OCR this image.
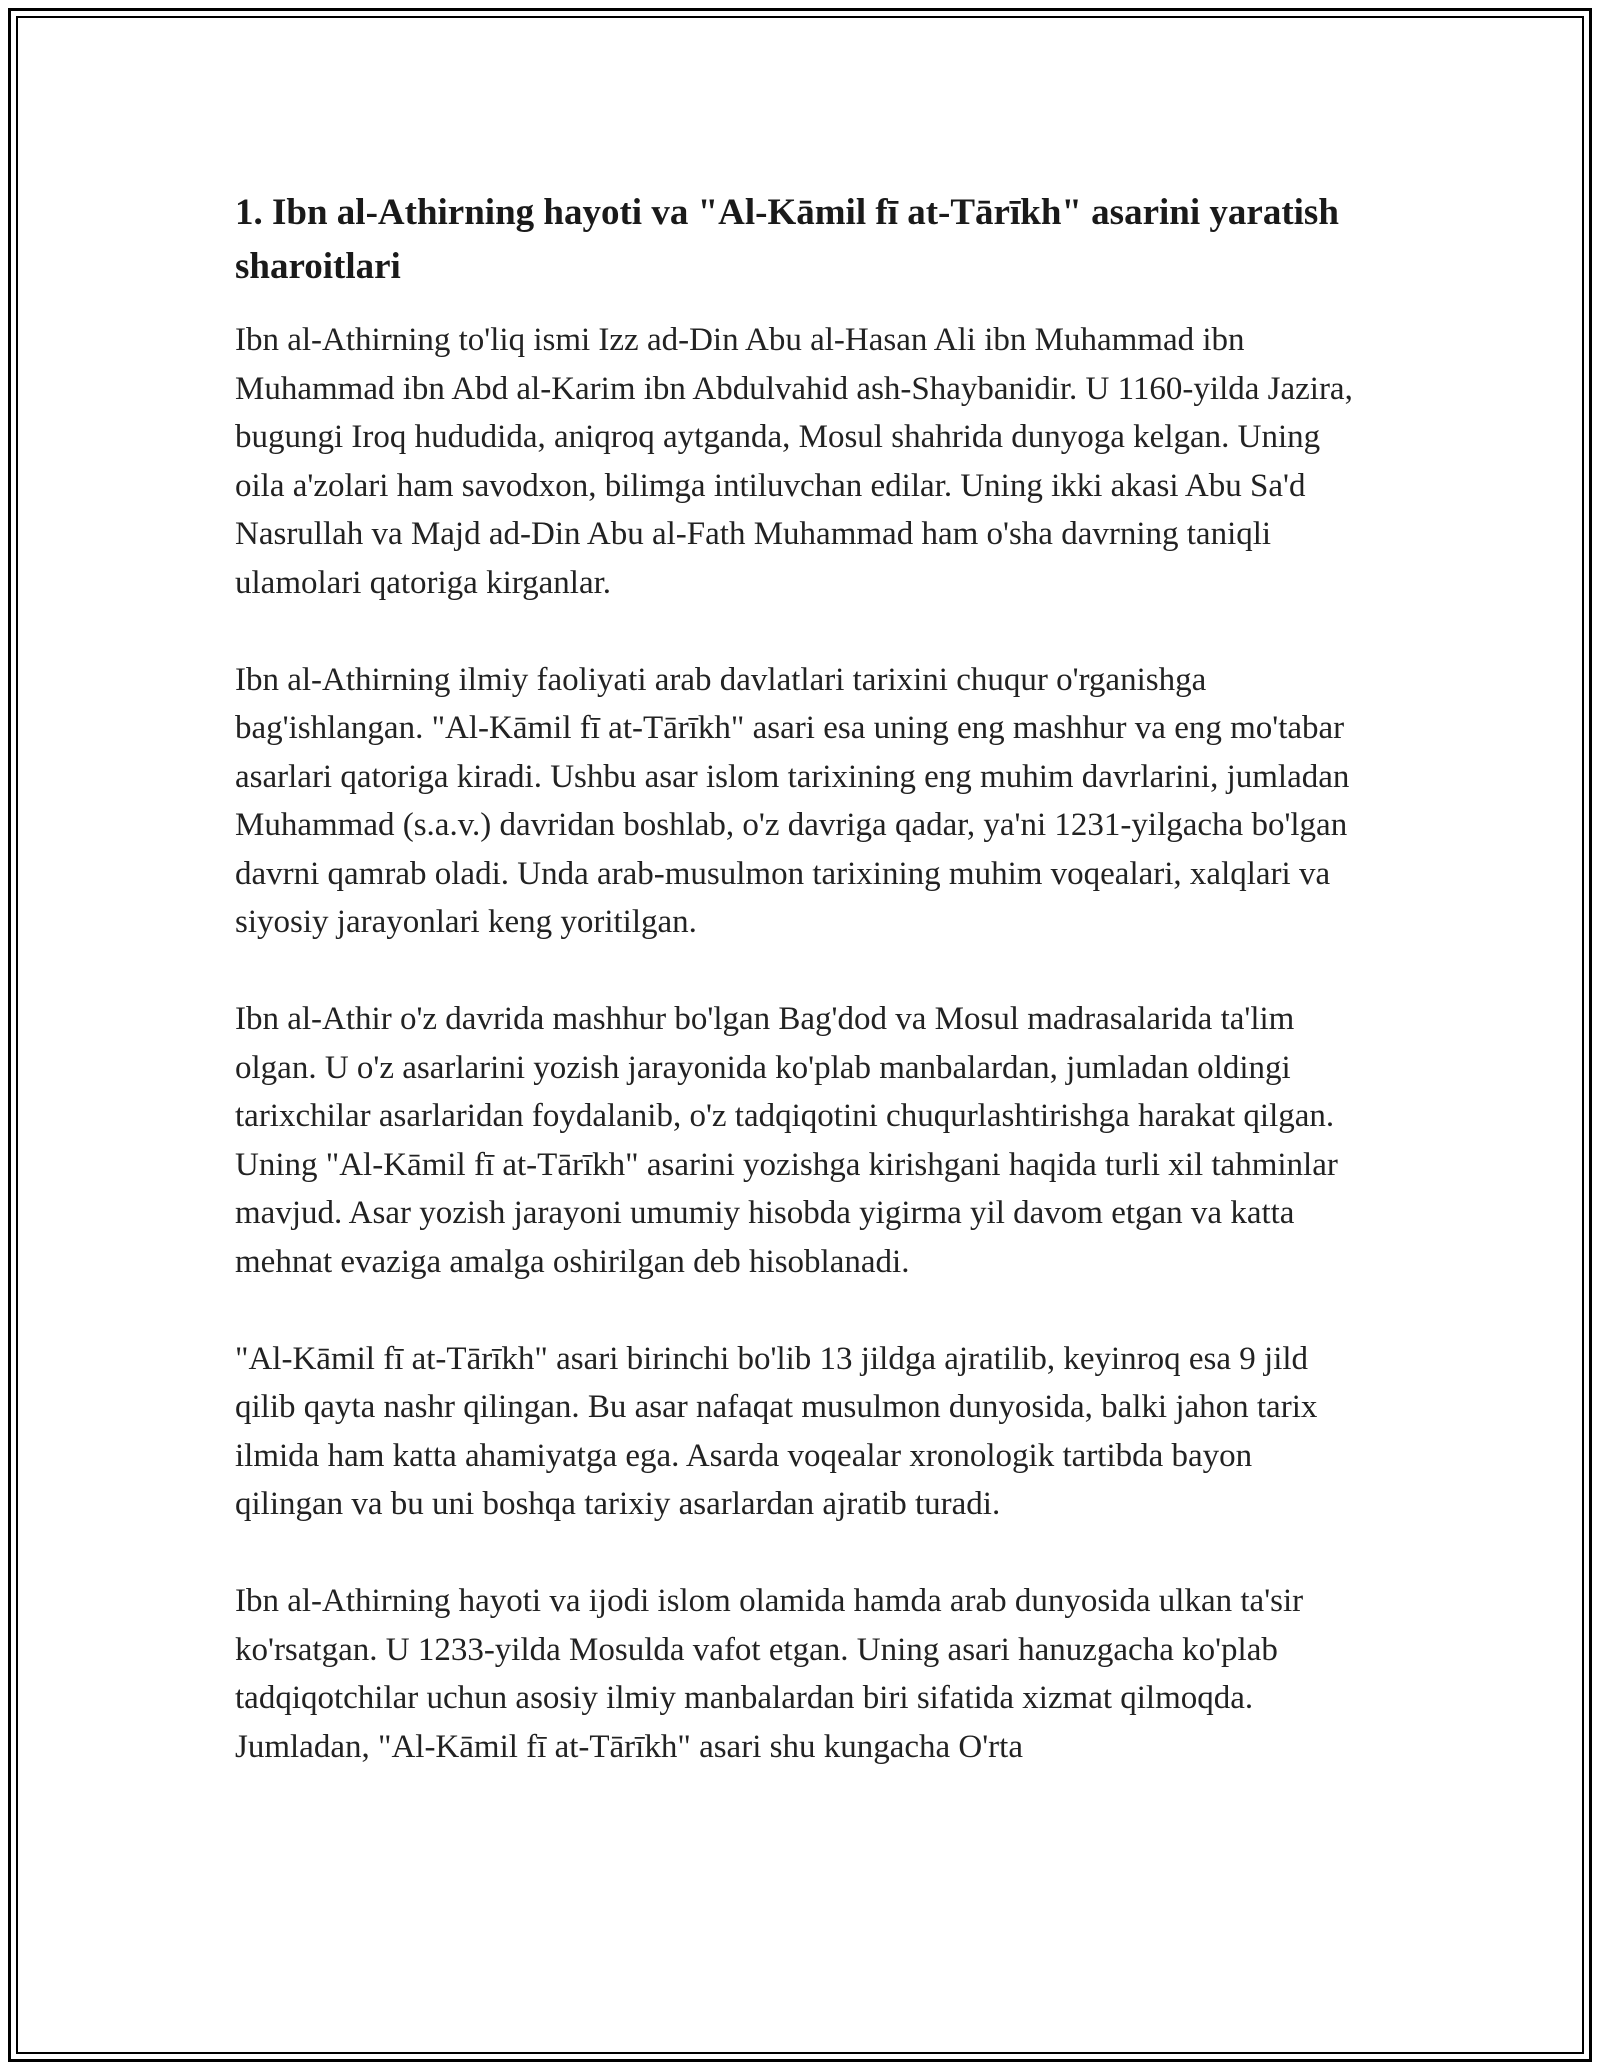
1. Ibn al-Athirning hayoti va "Al-Kāmil fī at-Tārīkh" asarini yaratish sharoitlari

Ibn al-Athirning to'liq ismi Izz ad-Din Abu al-Hasan Ali ibn Muhammad ibn Muhammad ibn Abd al-Karim ibn Abdulvahid ash-Shaybanidir. U 1160-yilda Jazira, bugungi Iroq hududida, aniqroq aytganda, Mosul shahrida dunyoga kelgan. Uning oila a'zolari ham savodxon, bilimga intiluvchan edilar. Uning ikki akasi Abu Sa'd Nasrullah va Majd ad-Din Abu al-Fath Muhammad ham o'sha davrning taniqli ulamolari qatoriga kirganlar.

Ibn al-Athirning ilmiy faoliyati arab davlatlari tarixini chuqur o'rganishga bag'ishlangan. "Al-Kāmil fī at-Tārīkh" asari esa uning eng mashhur va eng mo'tabar asarlari qatoriga kiradi. Ushbu asar islom tarixining eng muhim davrlarini, jumladan Muhammad (s.a.v.) davridan boshlab, o'z davriga qadar, ya'ni 1231-yilgacha bo'lgan davrni qamrab oladi. Unda arab-musulmon tarixining muhim voqealari, xalqlari va siyosiy jarayonlari keng yoritilgan.

Ibn al-Athir o'z davrida mashhur bo'lgan Bag'dod va Mosul madrasalarida ta'lim olgan. U o'z asarlarini yozish jarayonida ko'plab manbalardan, jumladan oldingi tarixchilar asarlaridan foydalanib, o'z tadqiqotini chuqurlashtirishga harakat qilgan. Uning "Al-Kāmil fī at-Tārīkh" asarini yozishga kirishgani haqida turli xil tahminlar mavjud. Asar yozish jarayoni umumiy hisobda yigirma yil davom etgan va katta mehnat evaziga amalga oshirilgan deb hisoblanadi.

"Al-Kāmil fī at-Tārīkh" asari birinchi bo'lib 13 jildga ajratilib, keyinroq esa 9 jild qilib qayta nashr qilingan. Bu asar nafaqat musulmon dunyosida, balki jahon tarix ilmida ham katta ahamiyatga ega. Asarda voqealar xronologik tartibda bayon qilingan va bu uni boshqa tarixiy asarlardan ajratib turadi.

Ibn al-Athirning hayoti va ijodi islom olamida hamda arab dunyosida ulkan ta'sir ko'rsatgan. U 1233-yilda Mosulda vafot etgan. Uning asari hanuzgacha ko'plab tadqiqotchilar uchun asosiy ilmiy manbalardan biri sifatida xizmat qilmoqda. Jumladan, "Al-Kāmil fī at-Tārīkh" asari shu kungacha O'rta
